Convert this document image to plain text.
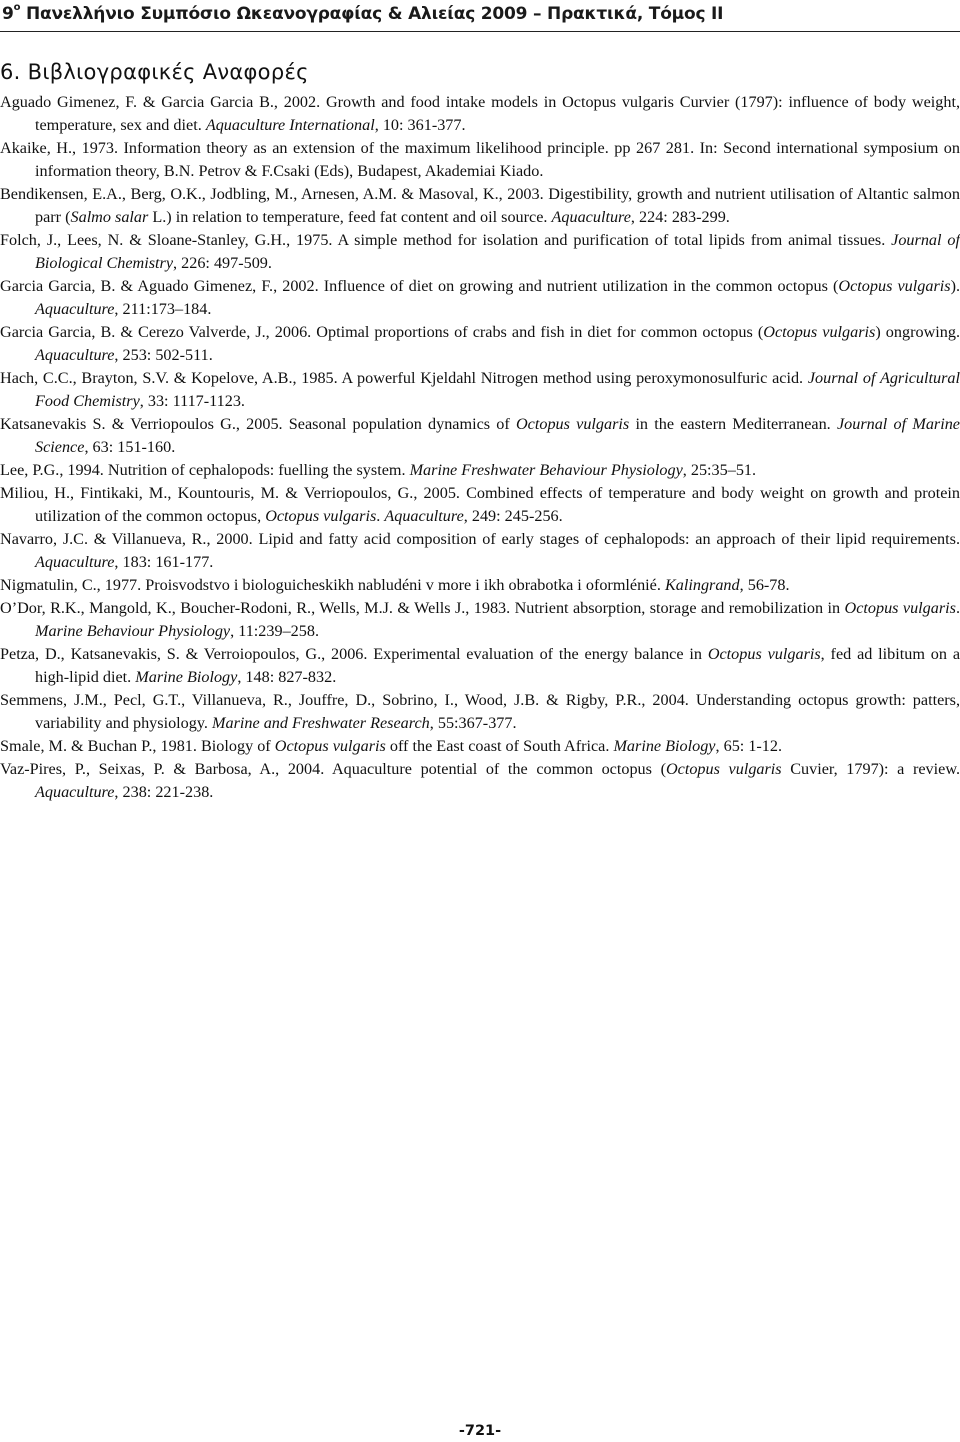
$9^o$ Πανελλήνιο Συμπόσιο Ωκεανογραφίας & Αλιείας 2009 – Πρακτικά, Τόμος II
6. Βιβλιογραφικές Αναφορές
Aguado Gimenez, F. & Garcia Garcia B., 2002. Growth and food intake models in Octopus vulgaris Curvier (1797): influence of body weight, temperature, sex and diet. Aquaculture International, 10: 361-377.
Akaike, H., 1973. Information theory as an extension of the maximum likelihood principle. pp 267 281. In: Second international symposium on information theory, B.N. Petrov & F.Csaki (Eds), Budapest, Akademiai Kiado.
Bendikensen, E.A., Berg, O.K., Jodbling, M., Arnesen, A.M. & Masoval, K., 2003. Digestibility, growth and nutrient utilisation of Altantic salmon parr (Salmo salar L.) in relation to temperature, feed fat content and oil source. Aquaculture, 224: 283-299.
Folch, J., Lees, N. & Sloane-Stanley, G.H., 1975. A simple method for isolation and purification of total lipids from animal tissues. Journal of Biological Chemistry, 226: 497-509.
Garcia Garcia, B. & Aguado Gimenez, F., 2002. Influence of diet on growing and nutrient utilization in the common octopus (Octopus vulgaris). Aquaculture, 211:173–184.
Garcia Garcia, B. & Cerezo Valverde, J., 2006. Optimal proportions of crabs and fish in diet for common octopus (Octopus vulgaris) ongrowing. Aquaculture, 253: 502-511.
Hach, C.C., Brayton, S.V. & Kopelove, A.B., 1985. A powerful Kjeldahl Nitrogen method using peroxymonosulfuric acid. Journal of Agricultural Food Chemistry, 33: 1117-1123.
Katsanevakis S. & Verriopoulos G., 2005. Seasonal population dynamics of Octopus vulgaris in the eastern Mediterranean. Journal of Marine Science, 63: 151-160.
Lee, P.G., 1994. Nutrition of cephalopods: fuelling the system. Marine Freshwater Behaviour Physiology, 25:35–51.
Miliou, H., Fintikaki, M., Kountouris, M. & Verriopoulos, G., 2005. Combined effects of temperature and body weight on growth and protein utilization of the common octopus, Octopus vulgaris. Aquaculture, 249: 245-256.
Navarro, J.C. & Villanueva, R., 2000. Lipid and fatty acid composition of early stages of cephalopods: an approach of their lipid requirements. Aquaculture, 183: 161-177.
Nigmatulin, C., 1977. Proisvodstvo i biologuicheskikh nabludéni v more i ikh obrabotka i oformlénié. Kalingrand, 56-78.
O’Dor, R.K., Mangold, K., Boucher-Rodoni, R., Wells, M.J. & Wells J., 1983. Nutrient absorption, storage and remobilization in Octopus vulgaris. Marine Behaviour Physiology, 11:239–258.
Petza, D., Katsanevakis, S. & Verroiopoulos, G., 2006. Experimental evaluation of the energy balance in Octopus vulgaris, fed ad libitum on a high-lipid diet. Marine Biology, 148: 827-832.
Semmens, J.M., Pecl, G.T., Villanueva, R., Jouffre, D., Sobrino, I., Wood, J.B. & Rigby, P.R., 2004. Understanding octopus growth: patters, variability and physiology. Marine and Freshwater Research, 55:367-377.
Smale, M. & Buchan P., 1981. Biology of Octopus vulgaris off the East coast of South Africa. Marine Biology, 65: 1-12.
Vaz-Pires, P., Seixas, P. & Barbosa, A., 2004. Aquaculture potential of the common octopus (Octopus vulgaris Cuvier, 1797): a review. Aquaculture, 238: 221-238.
-721-
